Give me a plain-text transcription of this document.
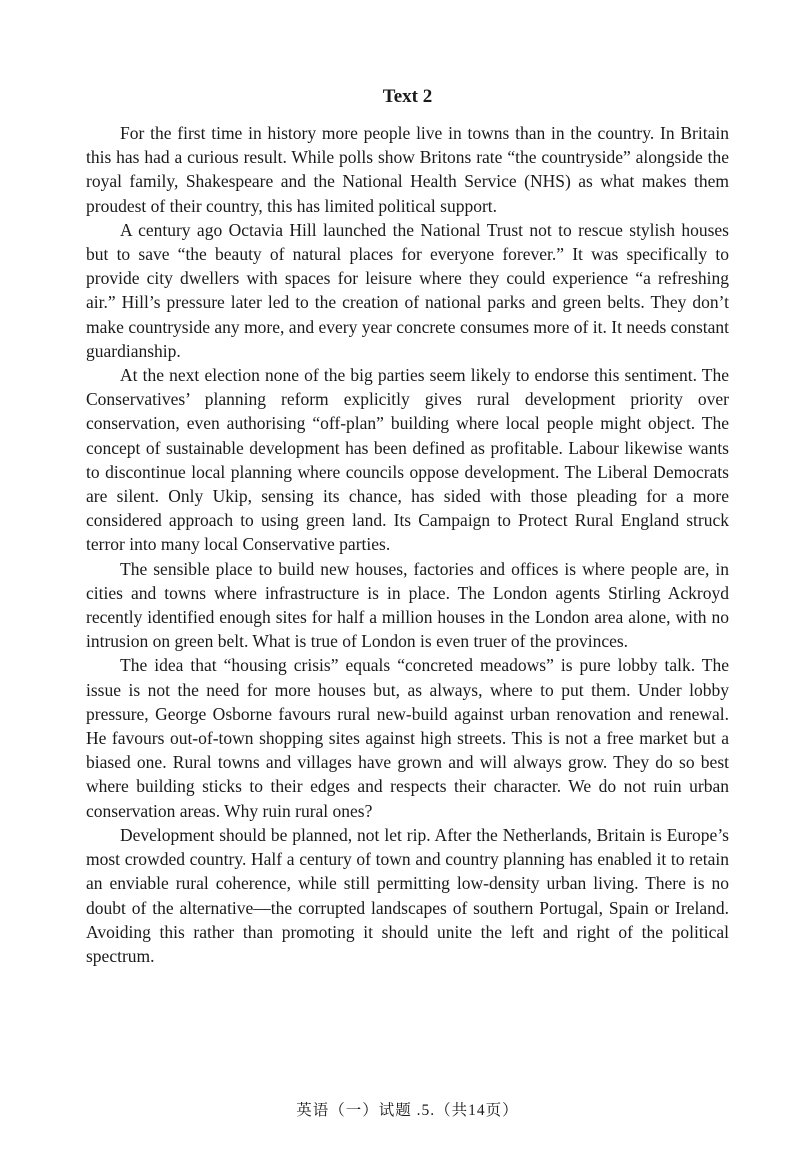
Text 2

For the first time in history more people live in towns than in the country. In Britain this has had a curious result. While polls show Britons rate “the countryside” alongside the royal family, Shakespeare and the National Health Service (NHS) as what makes them proudest of their country, this has limited political support.

A century ago Octavia Hill launched the National Trust not to rescue stylish houses but to save “the beauty of natural places for everyone forever.” It was specifically to provide city dwellers with spaces for leisure where they could experience “a refreshing air.” Hill’s pressure later led to the creation of national parks and green belts. They don’t make countryside any more, and every year concrete consumes more of it. It needs constant guardianship.

At the next election none of the big parties seem likely to endorse this sentiment. The Conservatives’ planning reform explicitly gives rural development priority over conservation, even authorising “off-plan” building where local people might object. The concept of sustainable development has been defined as profitable. Labour likewise wants to discontinue local planning where councils oppose development. The Liberal Democrats are silent. Only Ukip, sensing its chance, has sided with those pleading for a more considered approach to using green land. Its Campaign to Protect Rural England struck terror into many local Conservative parties.

The sensible place to build new houses, factories and offices is where people are, in cities and towns where infrastructure is in place. The London agents Stirling Ackroyd recently identified enough sites for half a million houses in the London area alone, with no intrusion on green belt. What is true of London is even truer of the provinces.

The idea that “housing crisis” equals “concreted meadows” is pure lobby talk. The issue is not the need for more houses but, as always, where to put them. Under lobby pressure, George Osborne favours rural new-build against urban renovation and renewal. He favours out-of-town shopping sites against high streets. This is not a free market but a biased one. Rural towns and villages have grown and will always grow. They do so best where building sticks to their edges and respects their character. We do not ruin urban conservation areas. Why ruin rural ones?

Development should be planned, not let rip. After the Netherlands, Britain is Europe’s most crowded country. Half a century of town and country planning has enabled it to retain an enviable rural coherence, while still permitting low-density urban living. There is no doubt of the alternative—the corrupted landscapes of southern Portugal, Spain or Ireland. Avoiding this rather than promoting it should unite the left and right of the political spectrum.

英语（一）试题 .5.（共14页）
